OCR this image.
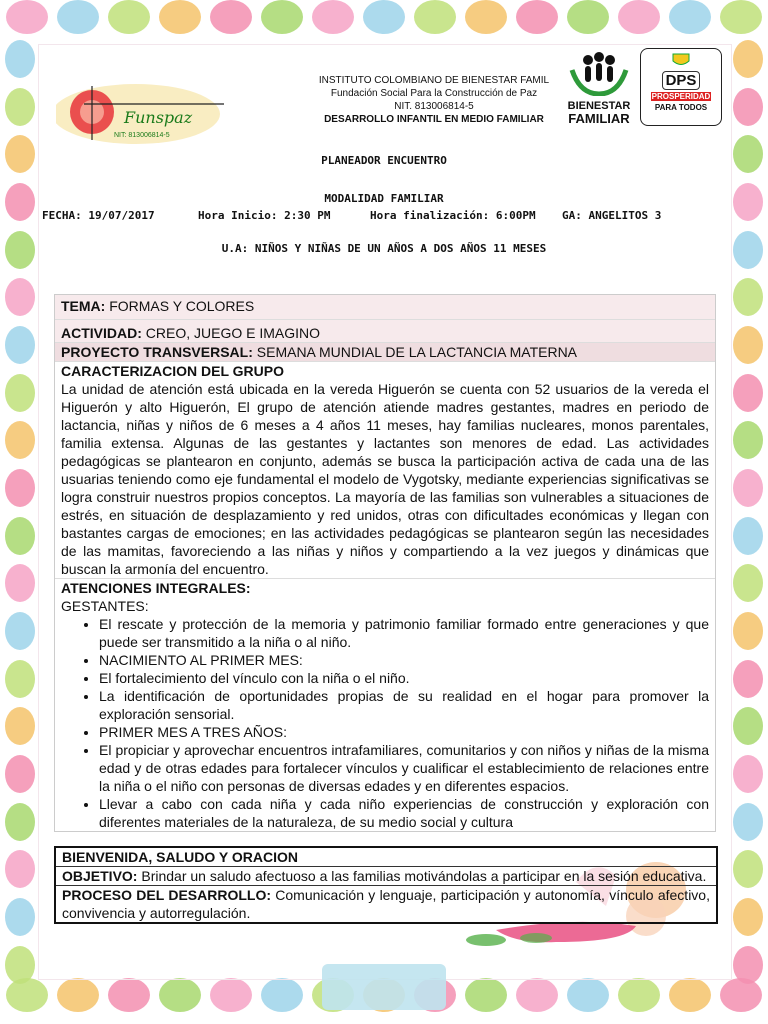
Funspaz
NIT: 813006814-5
INSTITUTO COLOMBIANO DE BIENESTAR FAMIL
Fundación Social Para la Construcción de Paz
NIT. 813006814-5
DESARROLLO INFANTIL EN MEDIO FAMILIAR
BIENESTAR
FAMILIAR
DPS
PROSPERIDAD
PARA TODOS
PLANEADOR ENCUENTRO
MODALIDAD FAMILIAR
FECHA: 19/07/2017	Hora Inicio: 2:30 PM	Hora finalización: 6:00PM GA: ANGELITOS 3
U.A: NIÑOS Y NIÑAS DE UN AÑOS A DOS AÑOS 11 MESES
TEMA: FORMAS Y COLORES
ACTIVIDAD: CREO, JUEGO E IMAGINO
PROYECTO TRANSVERSAL: SEMANA MUNDIAL DE LA LACTANCIA MATERNA
CARACTERIZACION DEL GRUPO
La unidad de atención está ubicada en la vereda Higuerón se cuenta con 52 usuarios de la vereda el Higuerón y alto Higuerón, El grupo de atención atiende madres gestantes, madres en periodo de lactancia, niñas y niños de 6 meses a 4 años 11 meses, hay familias nucleares, monos parentales, familia extensa. Algunas de las gestantes y lactantes son menores de edad. Las actividades pedagógicas se plantearon en conjunto, además se busca la participación activa de cada una de las usuarias teniendo como eje fundamental el modelo de Vygotsky, mediante experiencias significativas se logra construir nuestros propios conceptos. La mayoría de las familias son vulnerables a situaciones de estrés, en situación de desplazamiento y red unidos, otras con dificultades económicas y llegan con bastantes cargas de emociones; en las actividades pedagógicas se plantearon según las necesidades de las mamitas, favoreciendo a las niñas y niños y compartiendo a la vez juegos y dinámicas que buscan la armonía del encuentro.
ATENCIONES INTEGRALES:
GESTANTES:
• El rescate y protección de la memoria y patrimonio familiar formado entre generaciones y que puede ser transmitido a la niña o al niño.
• NACIMIENTO AL PRIMER MES:
• El fortalecimiento del vínculo con la niña o el niño.
• La identificación de oportunidades propias de su realidad en el hogar para promover la exploración sensorial.
• PRIMER MES A TRES AÑOS:
• El propiciar y aprovechar encuentros intrafamiliares, comunitarios y con niños y niñas de la misma edad y de otras edades para fortalecer vínculos y cualificar el establecimiento de relaciones entre la niña o el niño con personas de diversas edades y en diferentes espacios.
• Llevar a cabo con cada niña y cada niño experiencias de construcción y exploración con diferentes materiales de la naturaleza, de su medio social y cultura
BIENVENIDA, SALUDO Y ORACION
OBJETIVO: Brindar un saludo afectuoso a las familias motivándolas a participar en la sesión educativa.
PROCESO DEL DESARROLLO: Comunicación y lenguaje, participación y autonomía, vínculo afectivo, convivencia y autorregulación.
